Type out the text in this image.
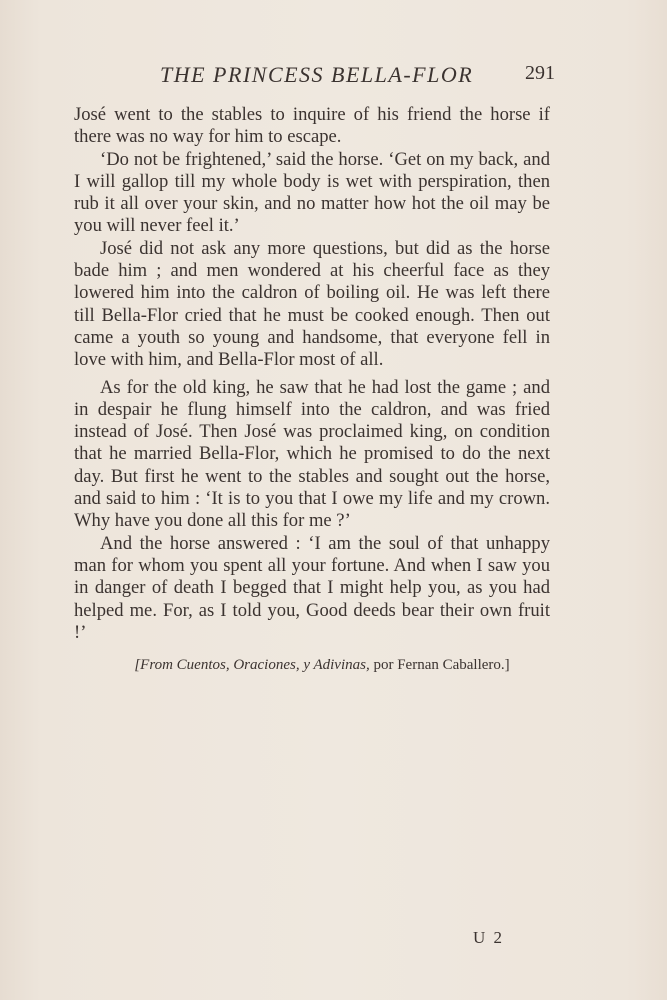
THE PRINCESS BELLA-FLOR	291

José went to the stables to inquire of his friend the horse if there was no way for him to escape.

‘Do not be frightened,’ said the horse. ‘Get on my back, and I will gallop till my whole body is wet with perspiration, then rub it all over your skin, and no matter how hot the oil may be you will never feel it.’

José did not ask any more questions, but did as the horse bade him ; and men wondered at his cheerful face as they lowered him into the caldron of boiling oil. He was left there till Bella-Flor cried that he must be cooked enough. Then out came a youth so young and handsome, that everyone fell in love with him, and Bella-Flor most of all.

As for the old king, he saw that he had lost the game ; and in despair he flung himself into the caldron, and was fried instead of José. Then José was proclaimed king, on condition that he married Bella-Flor, which he promised to do the next day. But first he went to the stables and sought out the horse, and said to him : ‘It is to you that I owe my life and my crown. Why have you done all this for me ?’

And the horse answered : ‘I am the soul of that unhappy man for whom you spent all your fortune. And when I saw you in danger of death I begged that I might help you, as you had helped me. For, as I told you, Good deeds bear their own fruit !’

[From Cuentos, Oraciones, y Adivinas, por Fernan Caballero.]
U 2
